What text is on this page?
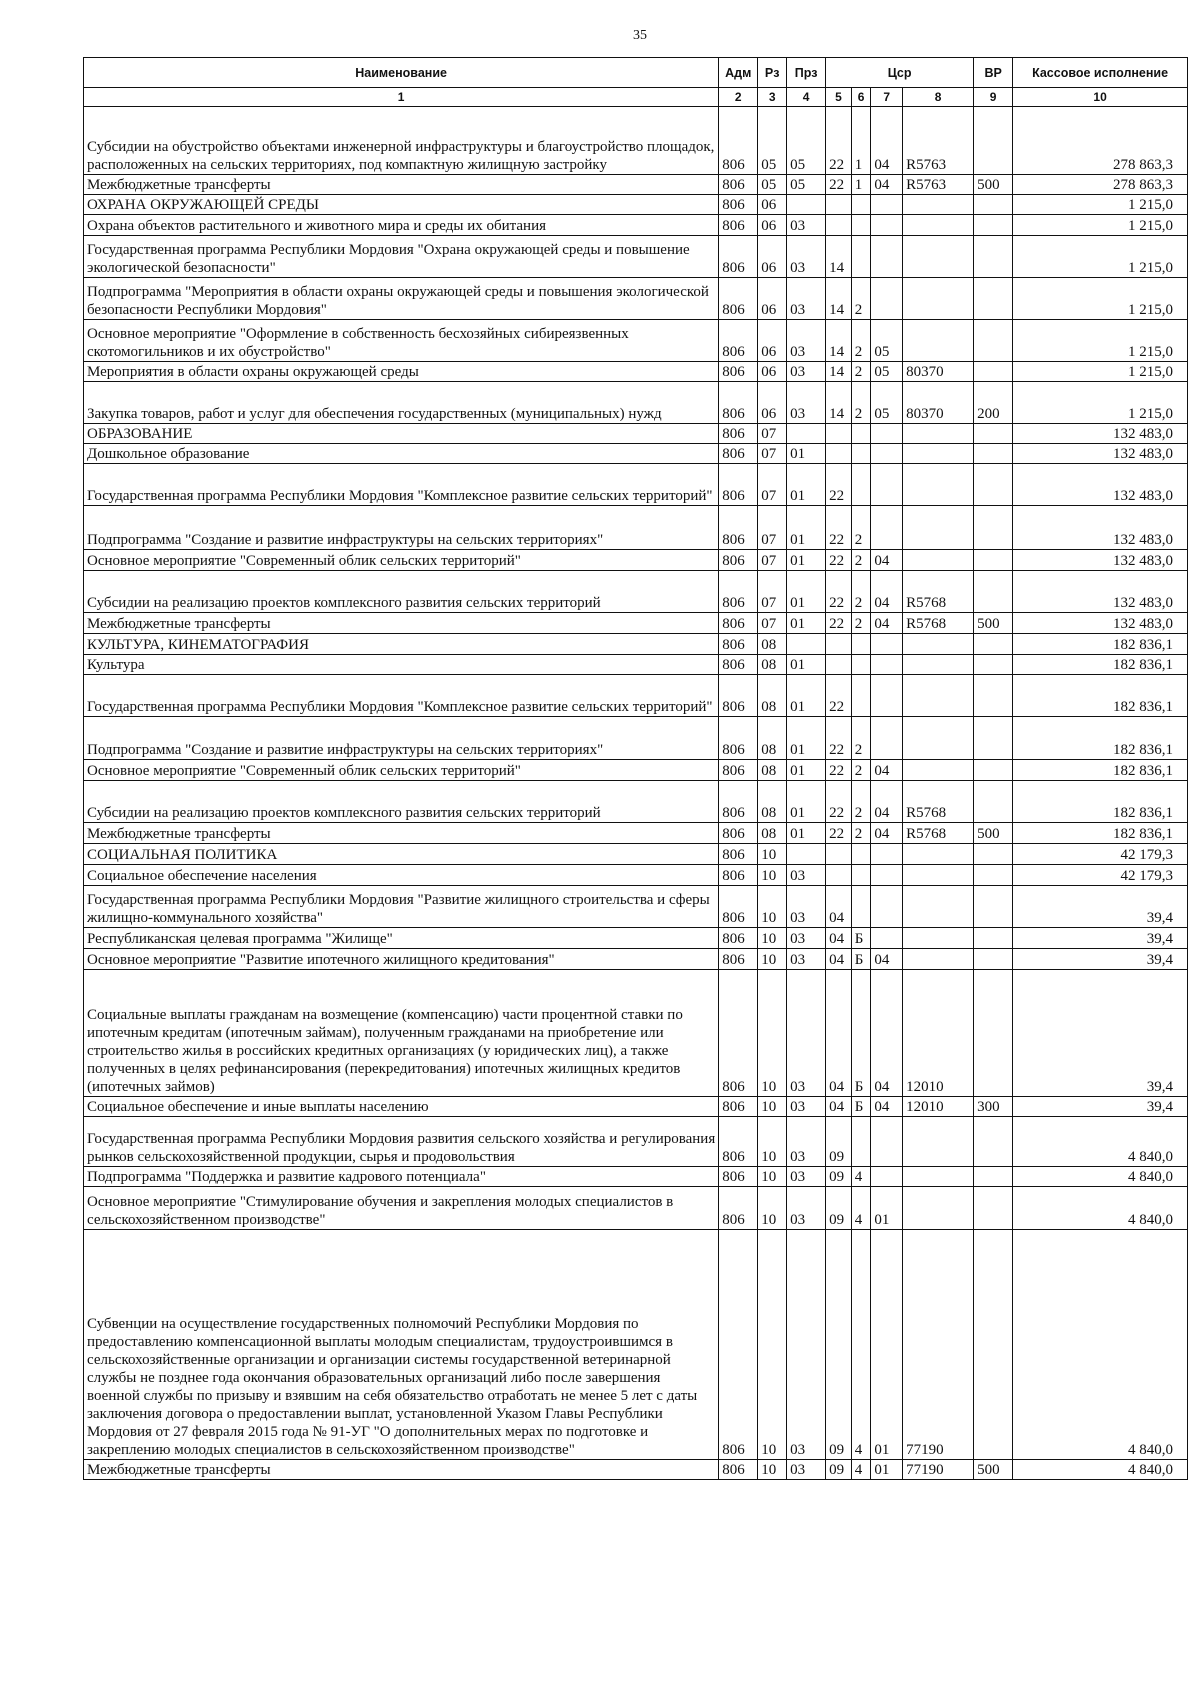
35
Наименование	Адм	Рз	Прз	Цср				ВР	Кассовое исполнение
1	2	3	4	5	6	7	8	9	10
Субсидии на обустройство объектами инженерной инфраструктуры и благоустройство площадок, расположенных на сельских территориях, под компактную жилищную застройку	806	05	05	22	1	04	R5763		278 863,3
Межбюджетные трансферты	806	05	05	22	1	04	R5763	500	278 863,3
ОХРАНА ОКРУЖАЮЩЕЙ СРЕДЫ	806	06							1 215,0
Охрана объектов растительного и животного мира и среды их обитания	806	06	03						1 215,0
Государственная программа Республики Мордовия "Охрана окружающей среды и повышение экологической безопасности"	806	06	03	14					1 215,0
Подпрограмма "Мероприятия в области охраны окружающей среды и повышения экологической безопасности Республики Мордовия"	806	06	03	14	2				1 215,0
Основное мероприятие "Оформление в собственность бесхозяйных сибиреязвенных скотомогильников и их обустройство"	806	06	03	14	2	05			1 215,0
Мероприятия в области охраны окружающей среды	806	06	03	14	2	05	80370		1 215,0
Закупка товаров, работ и услуг для обеспечения государственных (муниципальных) нужд	806	06	03	14	2	05	80370	200	1 215,0
ОБРАЗОВАНИЕ	806	07							132 483,0
Дошкольное образование	806	07	01						132 483,0
Государственная программа Республики Мордовия "Комплексное развитие сельских территорий"	806	07	01	22					132 483,0
Подпрограмма "Создание и развитие инфраструктуры на сельских территориях"	806	07	01	22	2				132 483,0
Основное мероприятие "Современный облик сельских территорий"	806	07	01	22	2	04			132 483,0
Субсидии на реализацию проектов комплексного развития сельских территорий	806	07	01	22	2	04	R5768		132 483,0
Межбюджетные трансферты	806	07	01	22	2	04	R5768	500	132 483,0
КУЛЬТУРА, КИНЕМАТОГРАФИЯ	806	08							182 836,1
Культура	806	08	01						182 836,1
Государственная программа Республики Мордовия "Комплексное развитие сельских территорий"	806	08	01	22					182 836,1
Подпрограмма "Создание и развитие инфраструктуры на сельских территориях"	806	08	01	22	2				182 836,1
Основное мероприятие "Современный облик сельских территорий"	806	08	01	22	2	04			182 836,1
Субсидии на реализацию проектов комплексного развития сельских территорий	806	08	01	22	2	04	R5768		182 836,1
Межбюджетные трансферты	806	08	01	22	2	04	R5768	500	182 836,1
СОЦИАЛЬНАЯ ПОЛИТИКА	806	10							42 179,3
Социальное обеспечение населения	806	10	03						42 179,3
Государственная программа Республики Мордовия "Развитие жилищного строительства и сферы жилищно-коммунального хозяйства"	806	10	03	04					39,4
Республиканская целевая программа "Жилище"	806	10	03	04	Б				39,4
Основное мероприятие "Развитие ипотечного жилищного кредитования"	806	10	03	04	Б	04			39,4
Социальные выплаты гражданам на возмещение (компенсацию) части процентной ставки по ипотечным кредитам (ипотечным займам), полученным гражданами на приобретение или строительство жилья в российских кредитных организациях (у юридических лиц), а также полученных в целях рефинансирования (перекредитования) ипотечных жилищных кредитов (ипотечных займов)	806	10	03	04	Б	04	12010		39,4
Социальное обеспечение и иные выплаты населению	806	10	03	04	Б	04	12010	300	39,4
Государственная программа Республики Мордовия развития сельского хозяйства и регулирования рынков сельскохозяйственной продукции, сырья и продовольствия	806	10	03	09					4 840,0
Подпрограмма "Поддержка и развитие кадрового потенциала"	806	10	03	09	4				4 840,0
Основное мероприятие "Стимулирование обучения и закрепления молодых специалистов в сельскохозяйственном производстве"	806	10	03	09	4	01			4 840,0
Субвенции на осуществление государственных полномочий Республики Мордовия по предоставлению компенсационной выплаты молодым специалистам, трудоустроившимся в сельскохозяйственные организации и организации системы государственной ветеринарной службы не позднее года окончания образовательных организаций либо после завершения военной службы по призыву и взявшим на себя обязательство отработать не менее 5 лет с даты заключения договора о предоставлении выплат, установленной Указом Главы Республики Мордовия от 27 февраля 2015 года № 91-УГ "О дополнительных мерах по подготовке и закреплению молодых специалистов в сельскохозяйственном производстве"	806	10	03	09	4	01	77190		4 840,0
Межбюджетные трансферты	806	10	03	09	4	01	77190	500	4 840,0
